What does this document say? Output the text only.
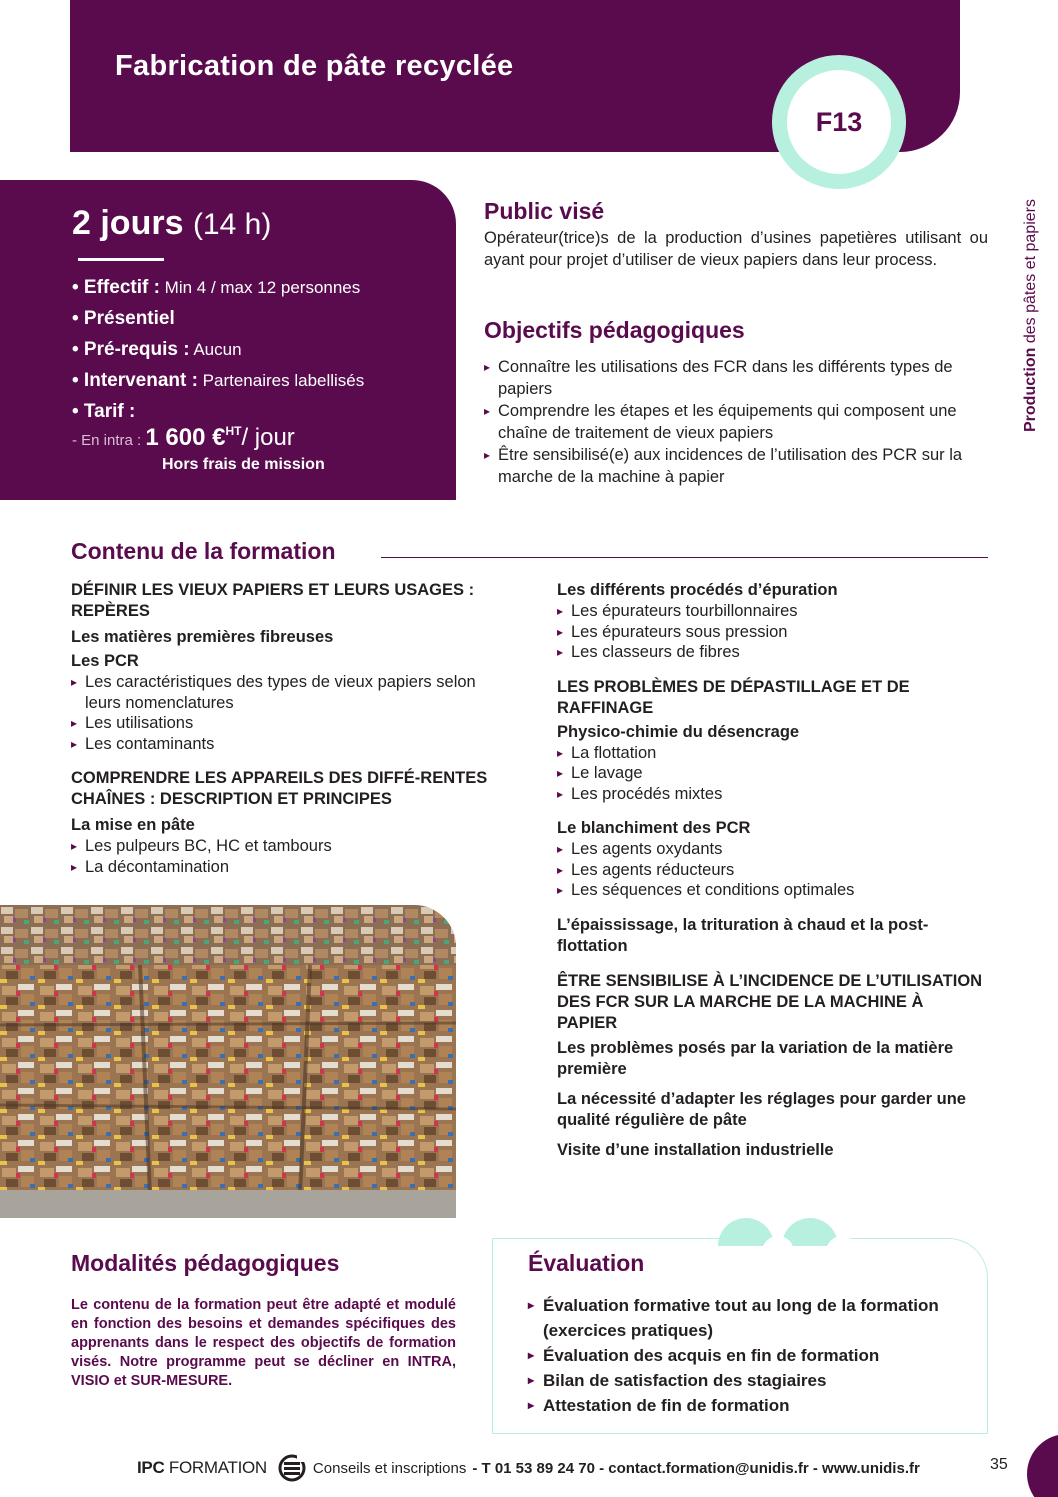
Fabrication de pâte recyclée
F13
Production des pâtes et papiers
2 jours (14 h)
• Effectif : Min 4 / max 12 personnes
• Présentiel
• Pré-requis : Aucun
• Intervenant : Partenaires labellisés
• Tarif :
- En intra : 1 600 €$^{HT}$/ jour
Hors frais de mission
Public visé

Opérateur(trice)s de la production d’usines papetières utilisant ou ayant pour projet d’utiliser de vieux papiers dans leur process.

Objectifs pédagogiques
▸ Connaître les utilisations des FCR dans les différents types de papiers
▸ Comprendre les étapes et les équipements qui composent une chaîne de traitement de vieux papiers
▸ Être sensibilisé(e) aux incidences de l’utilisation des PCR sur la marche de la machine à papier
Contenu de la formation
DÉFINIR LES VIEUX PAPIERS ET LEURS USAGES : REPÈRES
Les matières premières fibreuses
Les PCR
▸ Les caractéristiques des types de vieux papiers selon leurs nomenclatures
▸ Les utilisations
▸ Les contaminants
COMPRENDRE LES APPAREILS DES DIFFÉ-RENTES CHAÎNES : DESCRIPTION ET PRINCIPES
La mise en pâte
▸ Les pulpeurs BC, HC et tambours
▸ La décontamination
Les différents procédés d’épuration
▸ Les épurateurs tourbillonnaires
▸ Les épurateurs sous pression
▸ Les classeurs de fibres
LES PROBLÈMES DE DÉPASTILLAGE ET DE RAFFINAGE
Physico-chimie du désencrage
▸ La flottation
▸ Le lavage
▸ Les procédés mixtes
Le blanchiment des PCR
▸ Les agents oxydants
▸ Les agents réducteurs
▸ Les séquences et conditions optimales
L’épaississage, la trituration à chaud et la post-flottation
ÊTRE SENSIBILISE À L’INCIDENCE DE L’UTILISATION DES FCR SUR LA MARCHE DE LA MACHINE À PAPIER
Les problèmes posés par la variation de la matière première
La nécessité d’adapter les réglages pour garder une qualité régulière de pâte
Visite d’une installation industrielle
Modalités pédagogiques

Le contenu de la formation peut être adapté et modulé en fonction des besoins et demandes spécifiques des apprenants dans le respect des objectifs de formation visés. Notre programme peut se décliner en INTRA, VISIO et SUR-MESURE.

Évaluation
▸ Évaluation formative tout au long de la formation (exercices pratiques)
▸ Évaluation des acquis en fin de formation
▸ Bilan de satisfaction des stagiaires
▸ Attestation de fin de formation
IPC FORMATION	Conseils et inscriptions - T 01 53 89 24 70 - contact.formation@unidis.fr - www.unidis.fr	35
